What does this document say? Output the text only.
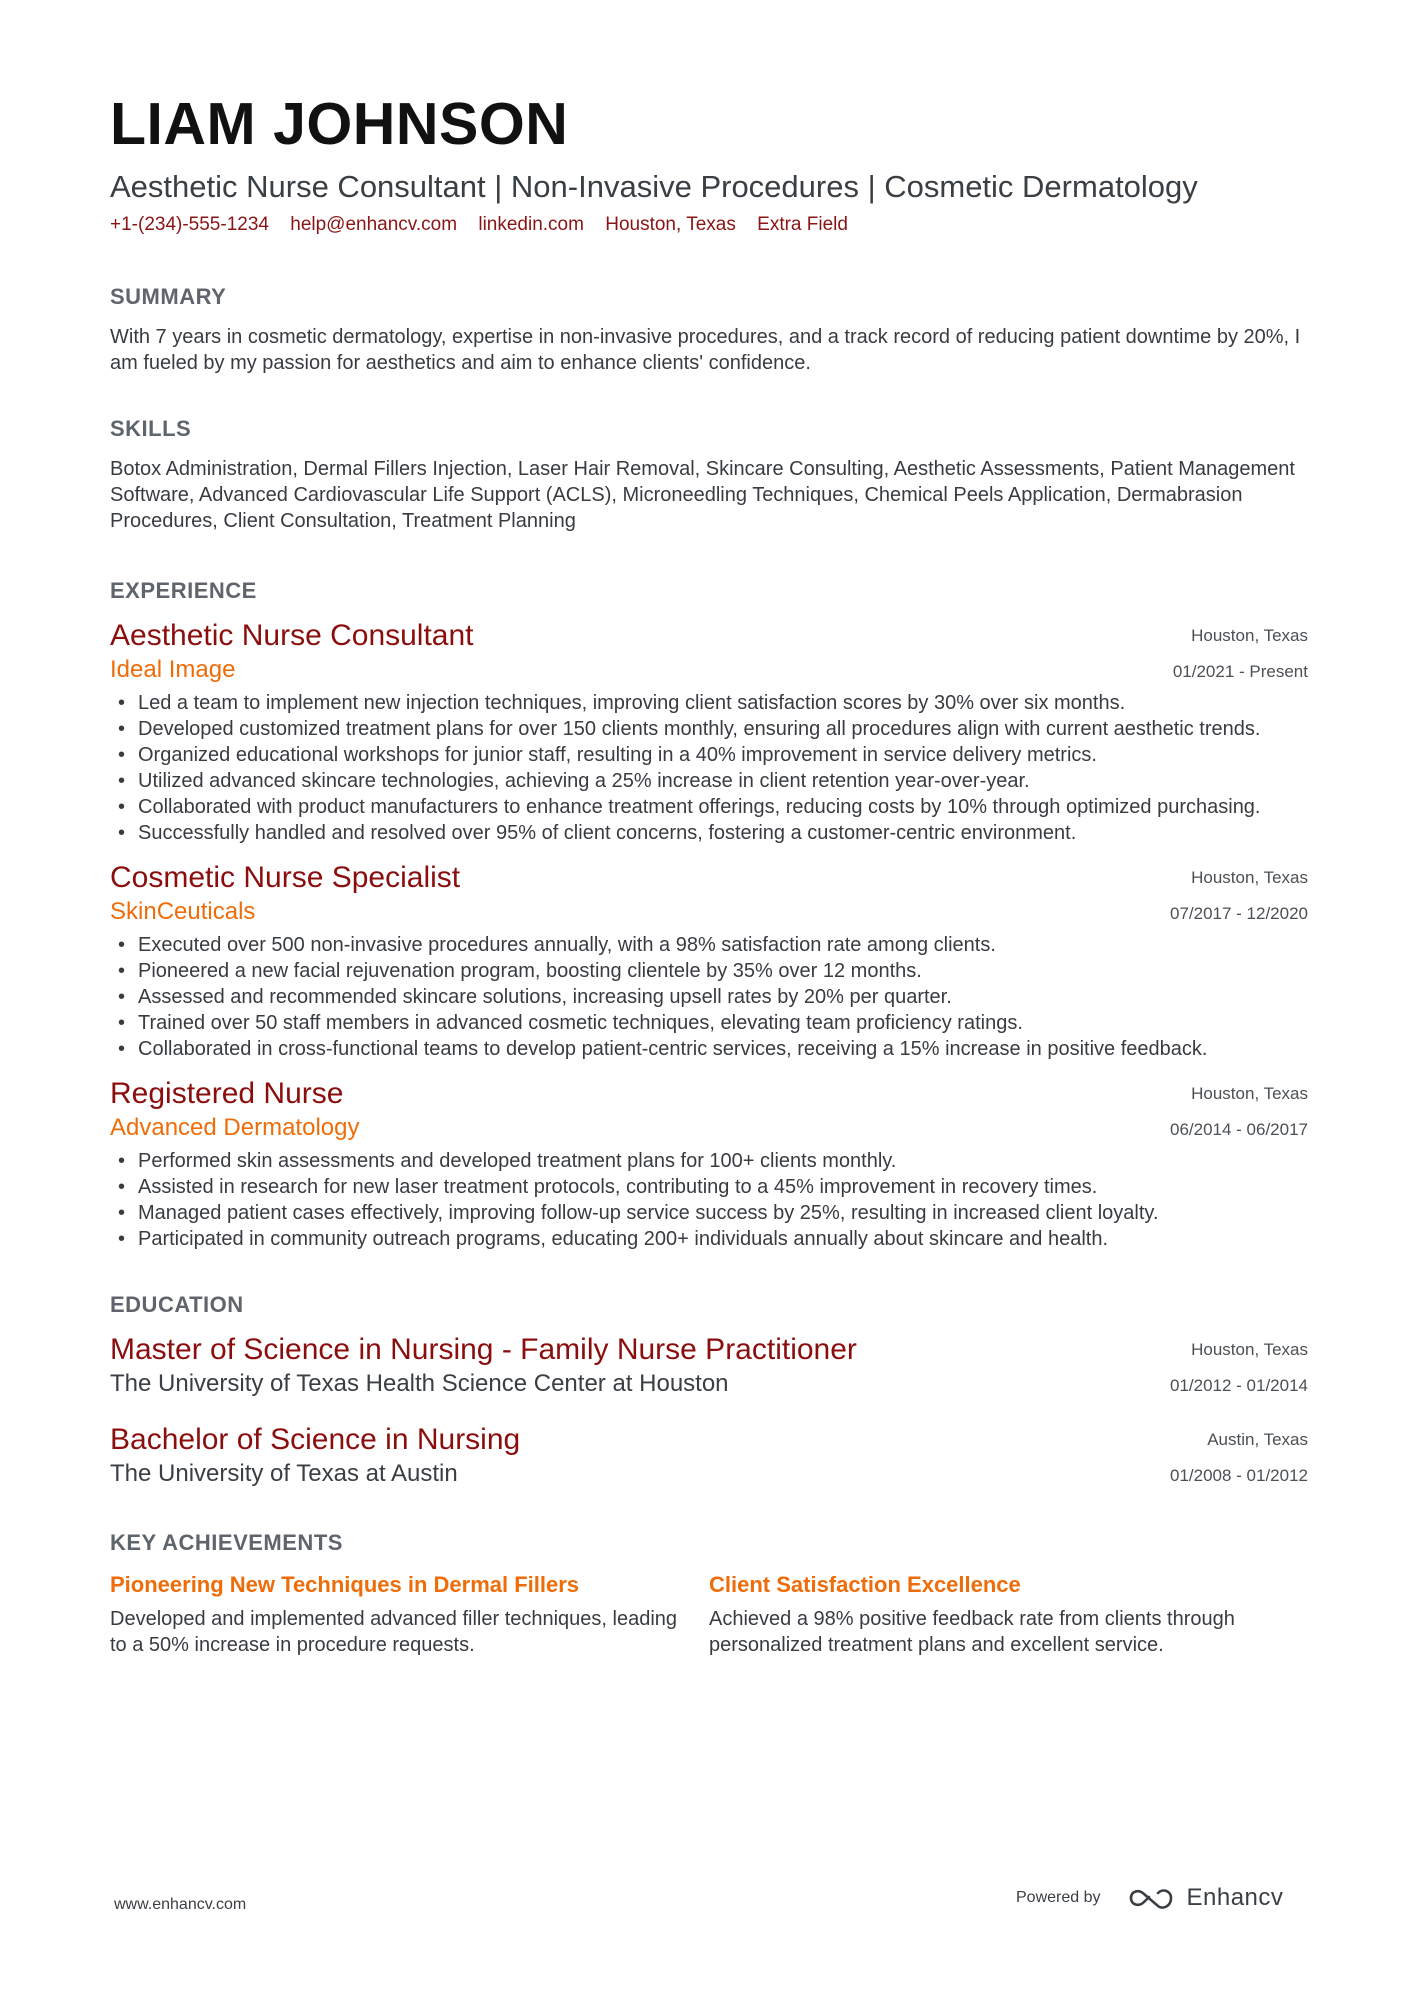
LIAM JOHNSON
Aesthetic Nurse Consultant | Non-Invasive Procedures | Cosmetic Dermatology
+1-(234)-555-1234 help@enhancv.com linkedin.com Houston, Texas Extra Field
SUMMARY
With 7 years in cosmetic dermatology, expertise in non-invasive procedures, and a track record of reducing patient downtime by 20%, I am fueled by my passion for aesthetics and aim to enhance clients' confidence.
SKILLS
Botox Administration, Dermal Fillers Injection, Laser Hair Removal, Skincare Consulting, Aesthetic Assessments, Patient Management Software, Advanced Cardiovascular Life Support (ACLS), Microneedling Techniques, Chemical Peels Application, Dermabrasion Procedures, Client Consultation, Treatment Planning
EXPERIENCE
Aesthetic Nurse Consultant
Ideal Image
Houston, Texas
01/2021 - Present
• Led a team to implement new injection techniques, improving client satisfaction scores by 30% over six months.
• Developed customized treatment plans for over 150 clients monthly, ensuring all procedures align with current aesthetic trends.
• Organized educational workshops for junior staff, resulting in a 40% improvement in service delivery metrics.
• Utilized advanced skincare technologies, achieving a 25% increase in client retention year-over-year.
• Collaborated with product manufacturers to enhance treatment offerings, reducing costs by 10% through optimized purchasing.
• Successfully handled and resolved over 95% of client concerns, fostering a customer-centric environment.
Cosmetic Nurse Specialist
SkinCeuticals
Houston, Texas
07/2017 - 12/2020
• Executed over 500 non-invasive procedures annually, with a 98% satisfaction rate among clients.
• Pioneered a new facial rejuvenation program, boosting clientele by 35% over 12 months.
• Assessed and recommended skincare solutions, increasing upsell rates by 20% per quarter.
• Trained over 50 staff members in advanced cosmetic techniques, elevating team proficiency ratings.
• Collaborated in cross-functional teams to develop patient-centric services, receiving a 15% increase in positive feedback.
Registered Nurse
Advanced Dermatology
Houston, Texas
06/2014 - 06/2017
• Performed skin assessments and developed treatment plans for 100+ clients monthly.
• Assisted in research for new laser treatment protocols, contributing to a 45% improvement in recovery times.
• Managed patient cases effectively, improving follow-up service success by 25%, resulting in increased client loyalty.
• Participated in community outreach programs, educating 200+ individuals annually about skincare and health.
EDUCATION
Master of Science in Nursing - Family Nurse Practitioner
The University of Texas Health Science Center at Houston
Houston, Texas
01/2012 - 01/2014
Bachelor of Science in Nursing
The University of Texas at Austin
Austin, Texas
01/2008 - 01/2012
KEY ACHIEVEMENTS
Pioneering New Techniques in Dermal Fillers
Developed and implemented advanced filler techniques, leading to a 50% increase in procedure requests.
Client Satisfaction Excellence
Achieved a 98% positive feedback rate from clients through personalized treatment plans and excellent service.
www.enhancv.com	Powered by	Enhancv
